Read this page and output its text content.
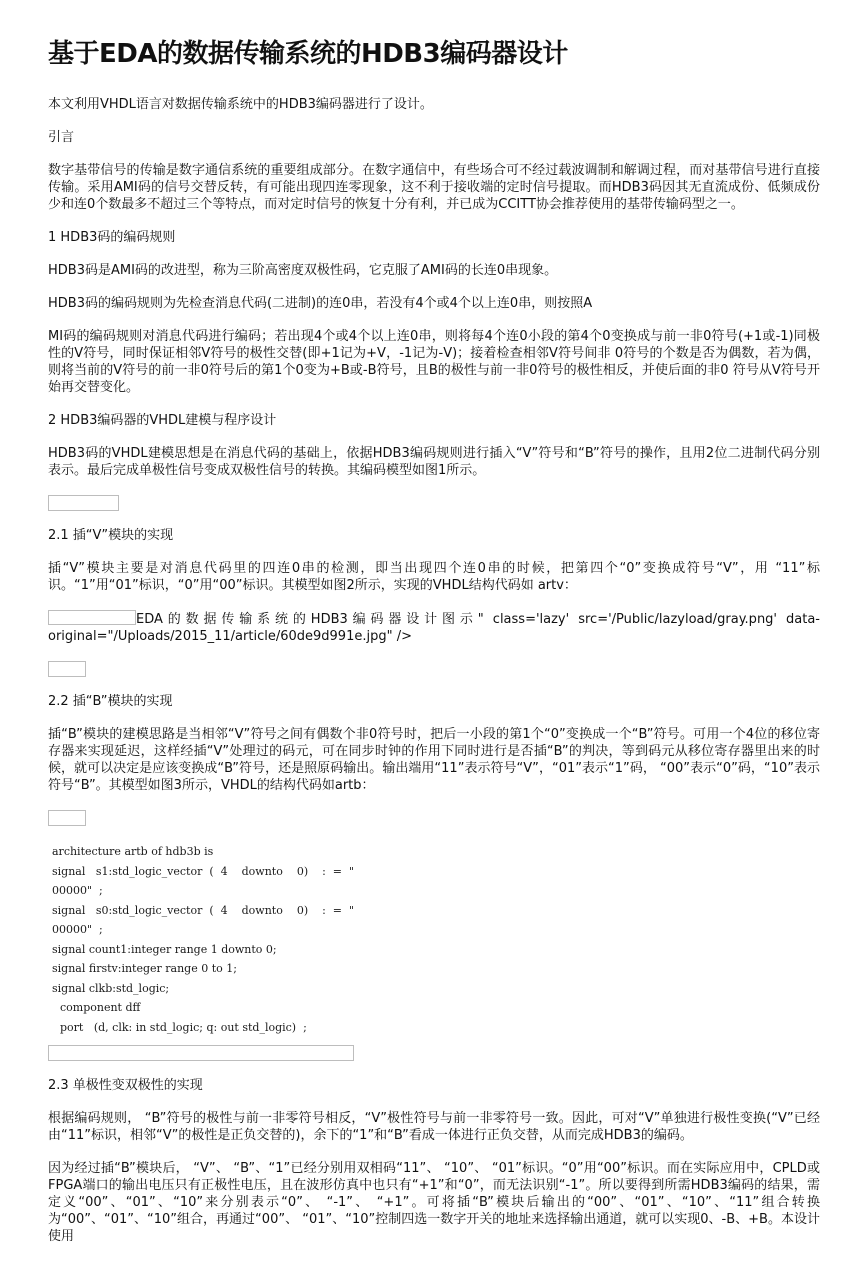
基于EDA的数据传输系统的HDB3编码器设计

本文利用VHDL语言对数据传输系统中的HDB3编码器进行了设计。

引言

数字基带信号的传输是数字通信系统的重要组成部分。在数字通信中，有些场合可不经过载波调制和解调过程，而对基带信号进行直接传输。采用AMI码的信号交替反转，有可能出现四连零现象，这不利于接收端的定时信号提取。而HDB3码因其无直流成份、低频成份少和连0个数最多不超过三个等特点，而对定时信号的恢复十分有利，并已成为CCITT协会推荐使用的基带传输码型之一。

1 HDB3码的编码规则

HDB3码是AMI码的改进型，称为三阶高密度双极性码，它克服了AMI码的长连0串现象。

HDB3码的编码规则为先检查消息代码(二进制)的连0串，若没有4个或4个以上连0串，则按照A

MI码的编码规则对消息代码进行编码；若出现4个或4个以上连0串，则将每4个连0小段的第4个0变换成与前一非0符号(+1或-1)同极性的V符号，同时保证相邻V符号的极性交替(即+1记为+V，-1记为-V)；接着检查相邻V符号间非 0符号的个数是否为偶数，若为偶，则将当前的V符号的前一非0符号后的第1个0变为+B或-B符号，且B的极性与前一非0符号的极性相反，并使后面的非0 符号从V符号开始再交替变化。

2 HDB3编码器的VHDL建模与程序设计

HDB3码的VHDL建模思想是在消息代码的基础上，依据HDB3编码规则进行插入“V”符号和“B”符号的操作，且用2位二进制代码分别表示。最后完成单极性信号变成双极性信号的转换。其编码模型如图1所示。

2.1 插“V”模块的实现

插“V”模块主要是对消息代码里的四连0串的检测，即当出现四个连0串的时候，把第四个“0”变换成符号“V”，用 “11”标识。“1”用“01”标识，“0”用“00”标识。其模型如图2所示，实现的VHDL结构代码如 artv：

EDA的数据传输系统的HDB3编码器设计图示" class='lazy' src='/Public/lazyload/gray.png' data-original="/Uploads/2015_11/article/60de9d991e.jpg" />

2.2 插“B”模块的实现

插“B”模块的建模思路是当相邻“V”符号之间有偶数个非0符号时，把后一小段的第1个“0”变换成一个“B”符号。可用一个4位的移位寄存器来实现延迟，这样经插“V”处理过的码元，可在同步时钟的作用下同时进行是否插“B”的判决，等到码元从移位寄存器里出来的时候，就可以决定是应该变换成“B”符号，还是照原码输出。输出端用“11”表示符号“V”，“01”表示“1”码， “00”表示“0”码，“10”表示符号“B”。其模型如图3所示，VHDL的结构代码如artb：

architecture artb of hdb3b is
signal   s1:std_logic_vector  (  4    downto    0)    :  =  "
00000"  ;
signal   s0:std_logic_vector  (  4    downto    0)    :  =  "
00000"  ;
signal count1:integer range 1 downto 0;
signal firstv:integer range 0 to 1;
signal clkb:std_logic;
component dff
port   (d, clk: in std_logic; q: out std_logic)  ;

2.3 单极性变双极性的实现

根据编码规则， “B”符号的极性与前一非零符号相反，“V”极性符号与前一非零符号一致。因此，可对“V”单独进行极性变换(“V”已经由“11”标识，相邻“V”的极性是正负交替的)，余下的“1”和“B”看成一体进行正负交替，从而完成HDB3的编码。

因为经过插“B”模块后， “V”、 “B”、“1”已经分别用双相码“11”、 “10”、 “01”标识。“0”用“00”标识。而在实际应用中，CPLD或FPGA端口的输出电压只有正极性电压，且在波形仿真中也只有“+1”和“0”，而无法识别“-1”。所以要得到所需HDB3编码的结果，需定义“00”、“01”、“10”来分别表示“0”、 “-1”、 “+1”。可将插“B”模块后输出的“00”、“01”、“10”、“11”组合转换为“00”、“01”、“10”组合，再通过“00”、 “01”、“10”控制四选一数字开关的地址来选择输出通道，就可以实现0、-B、+B。本设计使用
